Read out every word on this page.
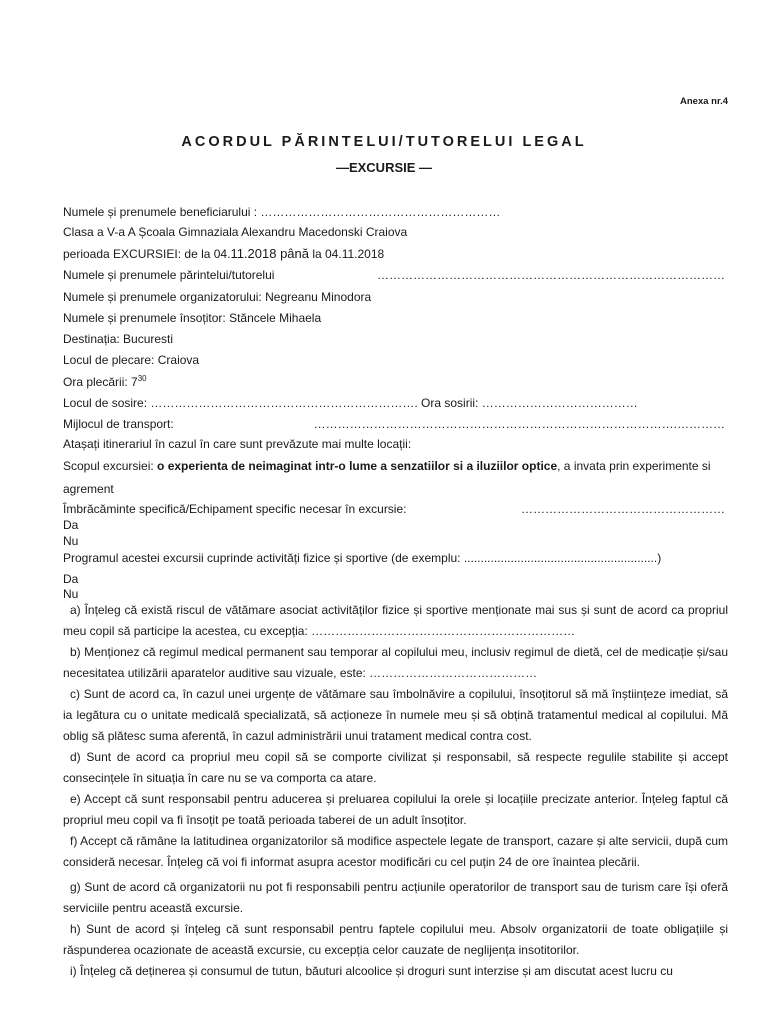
Anexa nr.4
ACORDUL PĂRINTELUI/TUTORELUI LEGAL
—EXCURSIE —
Numele și prenumele beneficiarului : ……………………………………………………
Clasa a V-a A Școala Gimnaziala Alexandru Macedonski Craiova
perioada EXCURSIEI: de la 04.11.2018 până la 04.11.2018
Numele și prenumele părintelui/tutorelui	……………………………………………………………………………
Numele și prenumele organizatorului: Negreanu Minodora
Numele și prenumele însoțitor: Stăncele Mihaela
Destinația: Bucuresti
Locul de plecare: Craiova
Ora plecării: $7^{30}$
Locul de sosire: …………………………………………………………. Ora sosirii: …………………………………
Mijlocul de transport:	……………………………………………………………………………….…………
Atașați itinerariul în cazul în care sunt prevăzute mai multe locații:
Scopul excursiei: o experienta de neimaginat intr-o lume a senzatiilor si a iluziilor optice, a invata prin experimente si
agrement
Îmbrăcăminte specifică/Echipament specific necesar în excursie:	……………………………………………
Da
Nu
Programul acestei excursii cuprinde activități fizice și sportive (de exemplu: ..........................................................)
Da
Nu

a) Înțeleg că există riscul de vătămare asociat activităților fizice și sportive menționate mai sus și sunt de acord ca propriul meu copil să participe la acestea, cu excepția: …………………………………………………………

b) Menționez că regimul medical permanent sau temporar al copilului meu, inclusiv regimul de dietă, cel de medicație și/sau necesitatea utilizării aparatelor auditive sau vizuale, este: ……………………………………

c) Sunt de acord ca, în cazul unei urgențe de vătămare sau îmbolnăvire a copilului, însoțitorul să mă înștiințeze imediat, să ia legătura cu o unitate medicală specializată, să acționeze în numele meu și să obțină tratamentul medical al copilului. Mă oblig să plătesc suma aferentă, în cazul administrării unui tratament medical contra cost.

d) Sunt de acord ca propriul meu copil să se comporte civilizat și responsabil, să respecte regulile stabilite și accept consecințele în situația în care nu se va comporta ca atare.

e) Accept că sunt responsabil pentru aducerea și preluarea copilului la orele și locațiile precizate anterior. Înțeleg faptul că propriul meu copil va fi însoțit pe toată perioada taberei de un adult însoțitor.

f) Accept că rămâne la latitudinea organizatorilor să modifice aspectele legate de transport, cazare și alte servicii, după cum consideră necesar. Înțeleg că voi fi informat asupra acestor modificări cu cel puțin 24 de ore înaintea plecării.

g) Sunt de acord că organizatorii nu pot fi responsabili pentru acțiunile operatorilor de transport sau de turism care își oferă serviciile pentru această excursie.

h) Sunt de acord și înțeleg că sunt responsabil pentru faptele copilului meu. Absolv organizatorii de toate obligațiile și răspunderea ocazionate de această excursie, cu excepția celor cauzate de neglijența insotitorilor.

i) Înțeleg că deținerea și consumul de tutun, băuturi alcoolice și droguri sunt interzise și am discutat acest lucru cu
